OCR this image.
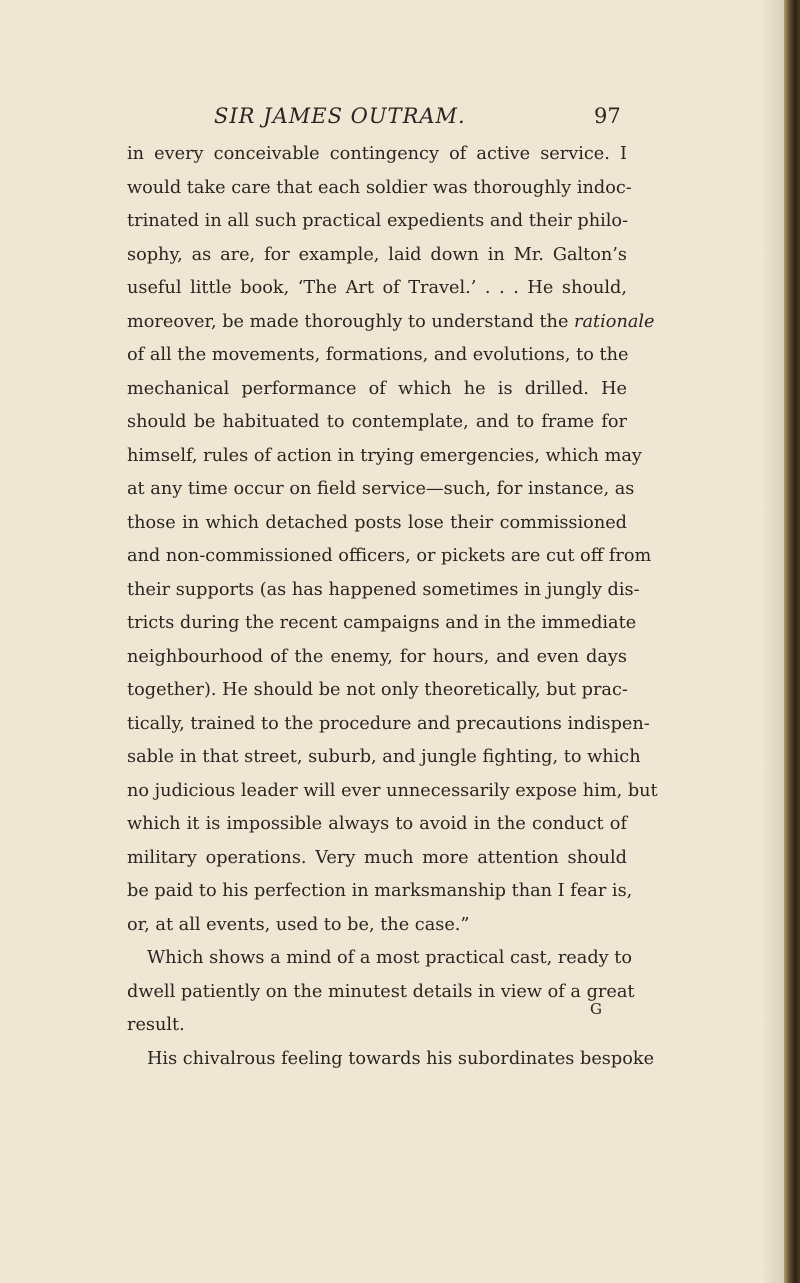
SIR JAMES OUTRAM.	97
in every conceivable contingency of active service. I
would take care that each soldier was thoroughly indoc-
trinated in all such practical expedients and their philo-
sophy, as are, for example, laid down in Mr. Galton’s
useful little book, ‘The Art of Travel.’ . . . He should,
moreover, be made thoroughly to understand the rationale
of all the movements, formations, and evolutions, to the
mechanical performance of which he is drilled. He
should be habituated to contemplate, and to frame for
himself, rules of action in trying emergencies, which may
at any time occur on field service—such, for instance, as
those in which detached posts lose their commissioned
and non-commissioned officers, or pickets are cut off from
their supports (as has happened sometimes in jungly dis-
tricts during the recent campaigns and in the immediate
neighbourhood of the enemy, for hours, and even days
together). He should be not only theoretically, but prac-
tically, trained to the procedure and precautions indispen-
sable in that street, suburb, and jungle fighting, to which
no judicious leader will ever unnecessarily expose him, but
which it is impossible always to avoid in the conduct of
military operations. Very much more attention should
be paid to his perfection in marksmanship than I fear is,
or, at all events, used to be, the case.”
Which shows a mind of a most practical cast, ready to
dwell patiently on the minutest details in view of a great
result.
His chivalrous feeling towards his subordinates bespoke
G
